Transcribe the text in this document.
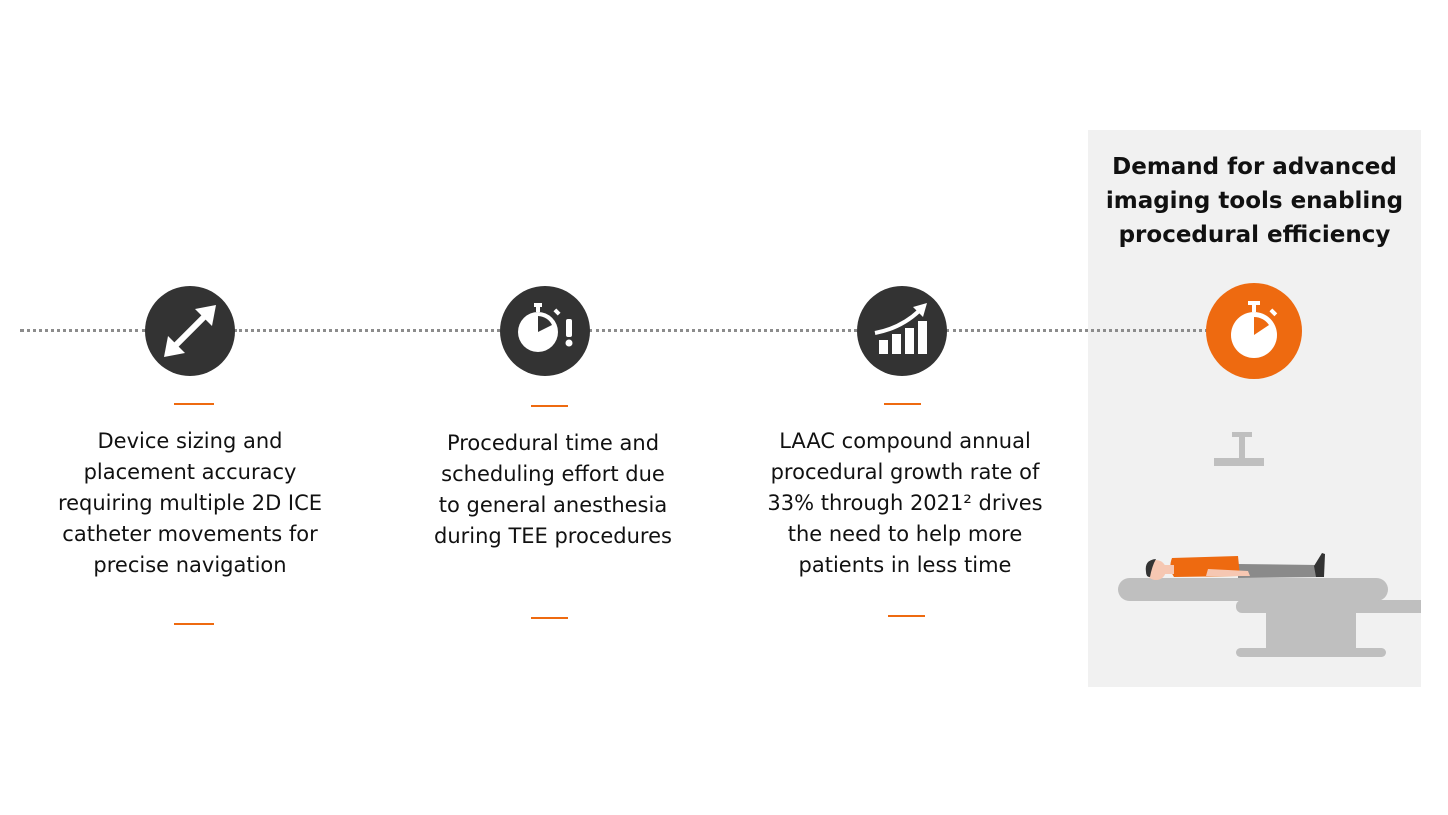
Demand for advanced
imaging tools enabling
procedural efficiency
Device sizing and
placement accuracy
requiring multiple 2D ICE
catheter movements for
precise navigation
Procedural time and
scheduling effort due
to general anesthesia
during TEE procedures
LAAC compound annual
procedural growth rate of
33% through 2021² drives
the need to help more
patients in less time
